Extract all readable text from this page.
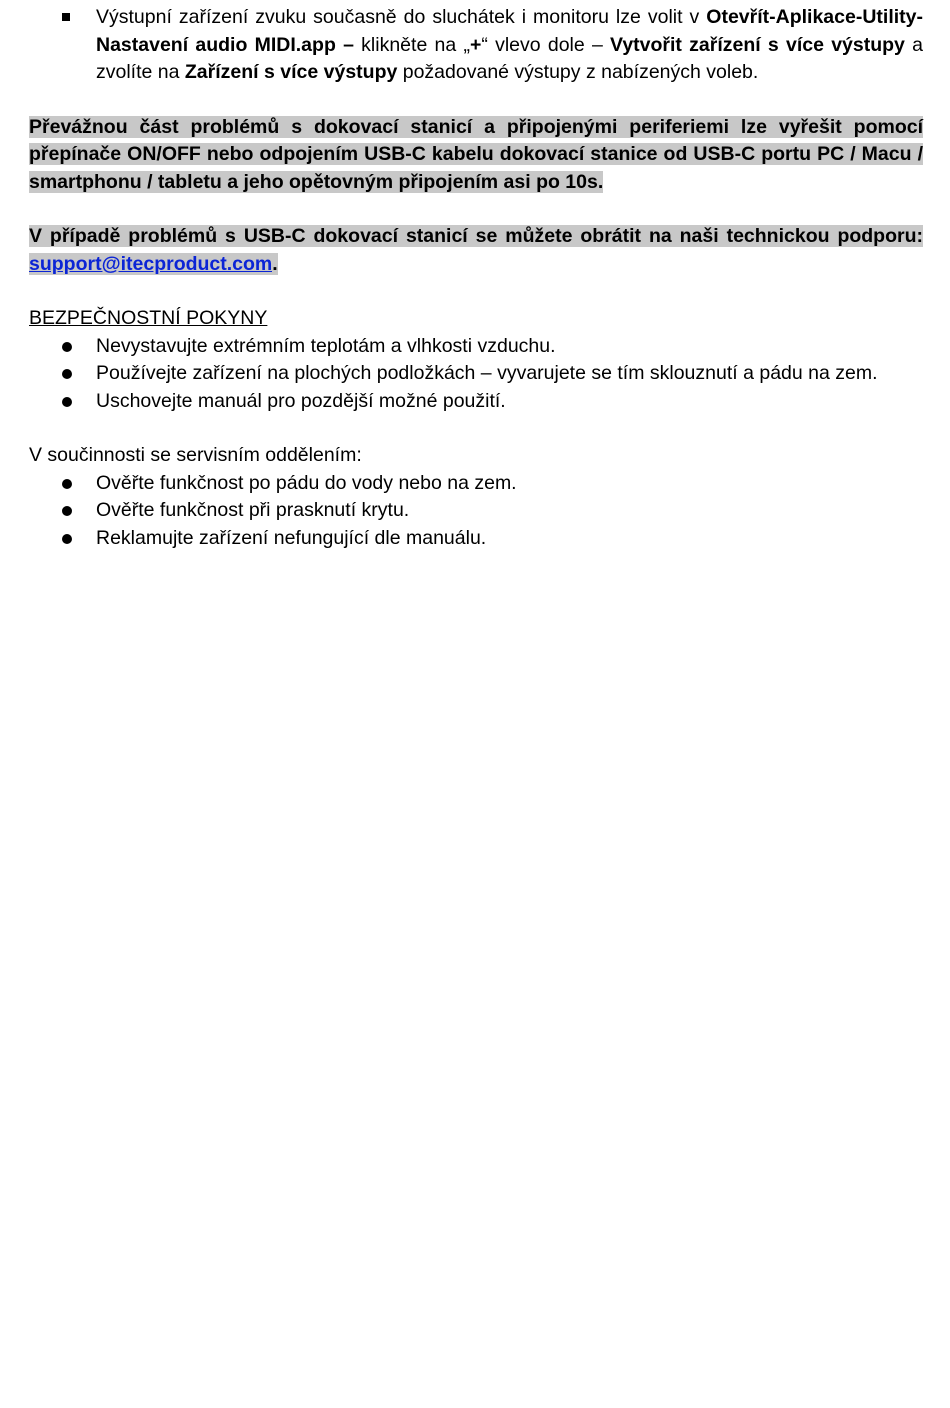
Výstupní zařízení zvuku současně do sluchátek i monitoru lze volit v Otevřít-Aplikace-Utility-Nastavení audio MIDI.app – klikněte na „+“ vlevo dole – Vytvořit zařízení s více výstupy a zvolíte na Zařízení s více výstupy požadované výstupy z nabízených voleb.
Převážnou část problémů s dokovací stanicí a připojenými periferiemi lze vyřešit pomocí přepínače ON/OFF nebo odpojením USB-C kabelu dokovací stanice od USB-C portu PC / Macu / smartphonu / tabletu a jeho opětovným připojením asi po 10s.
V případě problémů s USB-C dokovací stanicí se můžete obrátit na naši technickou podporu: support@itecproduct.com.
BEZPEČNOSTNÍ POKYNY
Nevystavujte extrémním teplotám a vlhkosti vzduchu.
Používejte zařízení na plochých podložkách – vyvarujete se tím sklouznutí a pádu na zem.
Uschovejte manuál pro pozdější možné použití.
V součinnosti se servisním oddělením:
Ověřte funkčnost po pádu do vody nebo na zem.
Ověřte funkčnost při prasknutí krytu.
Reklamujte zařízení nefungující dle manuálu.
